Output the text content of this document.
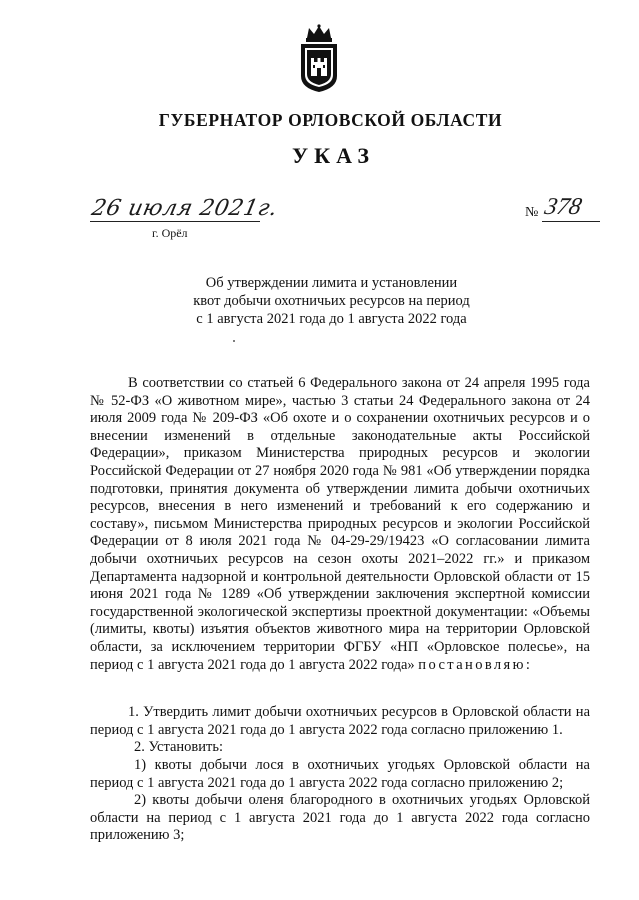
ГУБЕРНАТОР ОРЛОВСКОЙ ОБЛАСТИ
УКАЗ
26 июля 2021г.
г. Орёл
№ 378
Об утверждении лимита и установлении
квот добычи охотничьих ресурсов на период
с 1 августа 2021 года до 1 августа 2022 года
В соответствии со статьей 6 Федерального закона от 24 апреля 1995 года № 52-ФЗ «О животном мире», частью 3 статьи 24 Федерального закона от 24 июля 2009 года № 209-ФЗ «Об охоте и о сохранении охотничьих ресурсов и о внесении изменений в отдельные законодательные акты Российской Федерации», приказом Министерства природных ресурсов и экологии Российской Федерации от 27 ноября 2020 года № 981 «Об утверждении порядка подготовки, принятия документа об утверждении лимита добычи охотничьих ресурсов, внесения в него изменений и требований к его содержанию и составу», письмом Министерства природных ресурсов и экологии Российской Федерации от 8 июля 2021 года № 04-29-29/19423 «О согласовании лимита добычи охотничьих ресурсов на сезон охоты 2021–2022 гг.» и приказом Департамента надзорной и контрольной деятельности Орловской области от 15 июня 2021 года № 1289 «Об утверждении заключения экспертной комиссии государственной экологической экспертизы проектной документации: «Объемы (лимиты, квоты) изъятия объектов животного мира на территории Орловской области, за исключением территории ФГБУ «НП «Орловское полесье», на период с 1 августа 2021 года до 1 августа 2022 года» постановляю:
1. Утвердить лимит добычи охотничьих ресурсов в Орловской области на период с 1 августа 2021 года до 1 августа 2022 года согласно приложению 1.
2. Установить:
1) квоты добычи лося в охотничьих угодьях Орловской области на период с 1 августа 2021 года до 1 августа 2022 года согласно приложению 2;
2) квоты добычи оленя благородного в охотничьих угодьях Орловской области на период с 1 августа 2021 года до 1 августа 2022 года согласно приложению 3;
